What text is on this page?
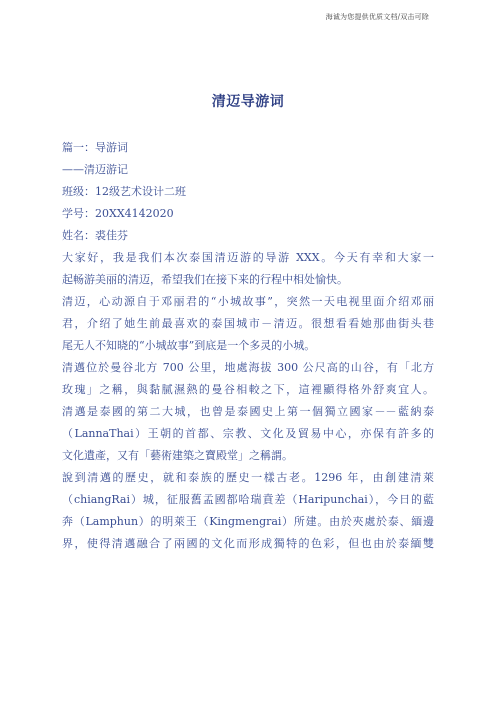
海诚为您提供优质文档/双击可除
清迈导游词
篇一：导游词
——清迈游记
班级：12级艺术设计二班
学号：20XX4142020
姓名：裘佳芬
大家好，我是我们本次泰国清迈游的导游 XXX。今天有幸和大家一
起畅游美丽的清迈，希望我们在接下来的行程中相处愉快。
清迈，心动源自于邓丽君的“小城故事”，突然一天电视里面介绍邓丽
君，介绍了她生前最喜欢的泰国城市－清迈。很想看看她那曲街头巷
尾无人不知晓的“小城故事”到底是一个多灵的小城。
清邁位於曼谷北方 700 公里，地處海拔 300 公尺高的山谷，有「北方
玫瑰」之稱，與黏膩濕熱的曼谷相較之下，這裡顯得格外舒爽宜人。
清邁是泰國的第二大城，也曾是泰國史上第一個獨立國家－－藍納泰
（LannaThai）王朝的首都、宗教、文化及貿易中心，亦保有許多的
文化遺產，又有「藝術建築之寶殿堂」之稱謂。
說到清邁的歷史，就和泰族的歷史一樣古老。1296 年，由創建清萊
（chiangRai）城，征服舊孟國都哈瑞賁差（Haripunchai），今日的藍
奔（Lamphun）的明萊王（Kingmengrai）所建。由於夾處於泰、緬邊
界，使得清邁融合了兩國的文化而形成獨特的色彩，但也由於泰緬雙
